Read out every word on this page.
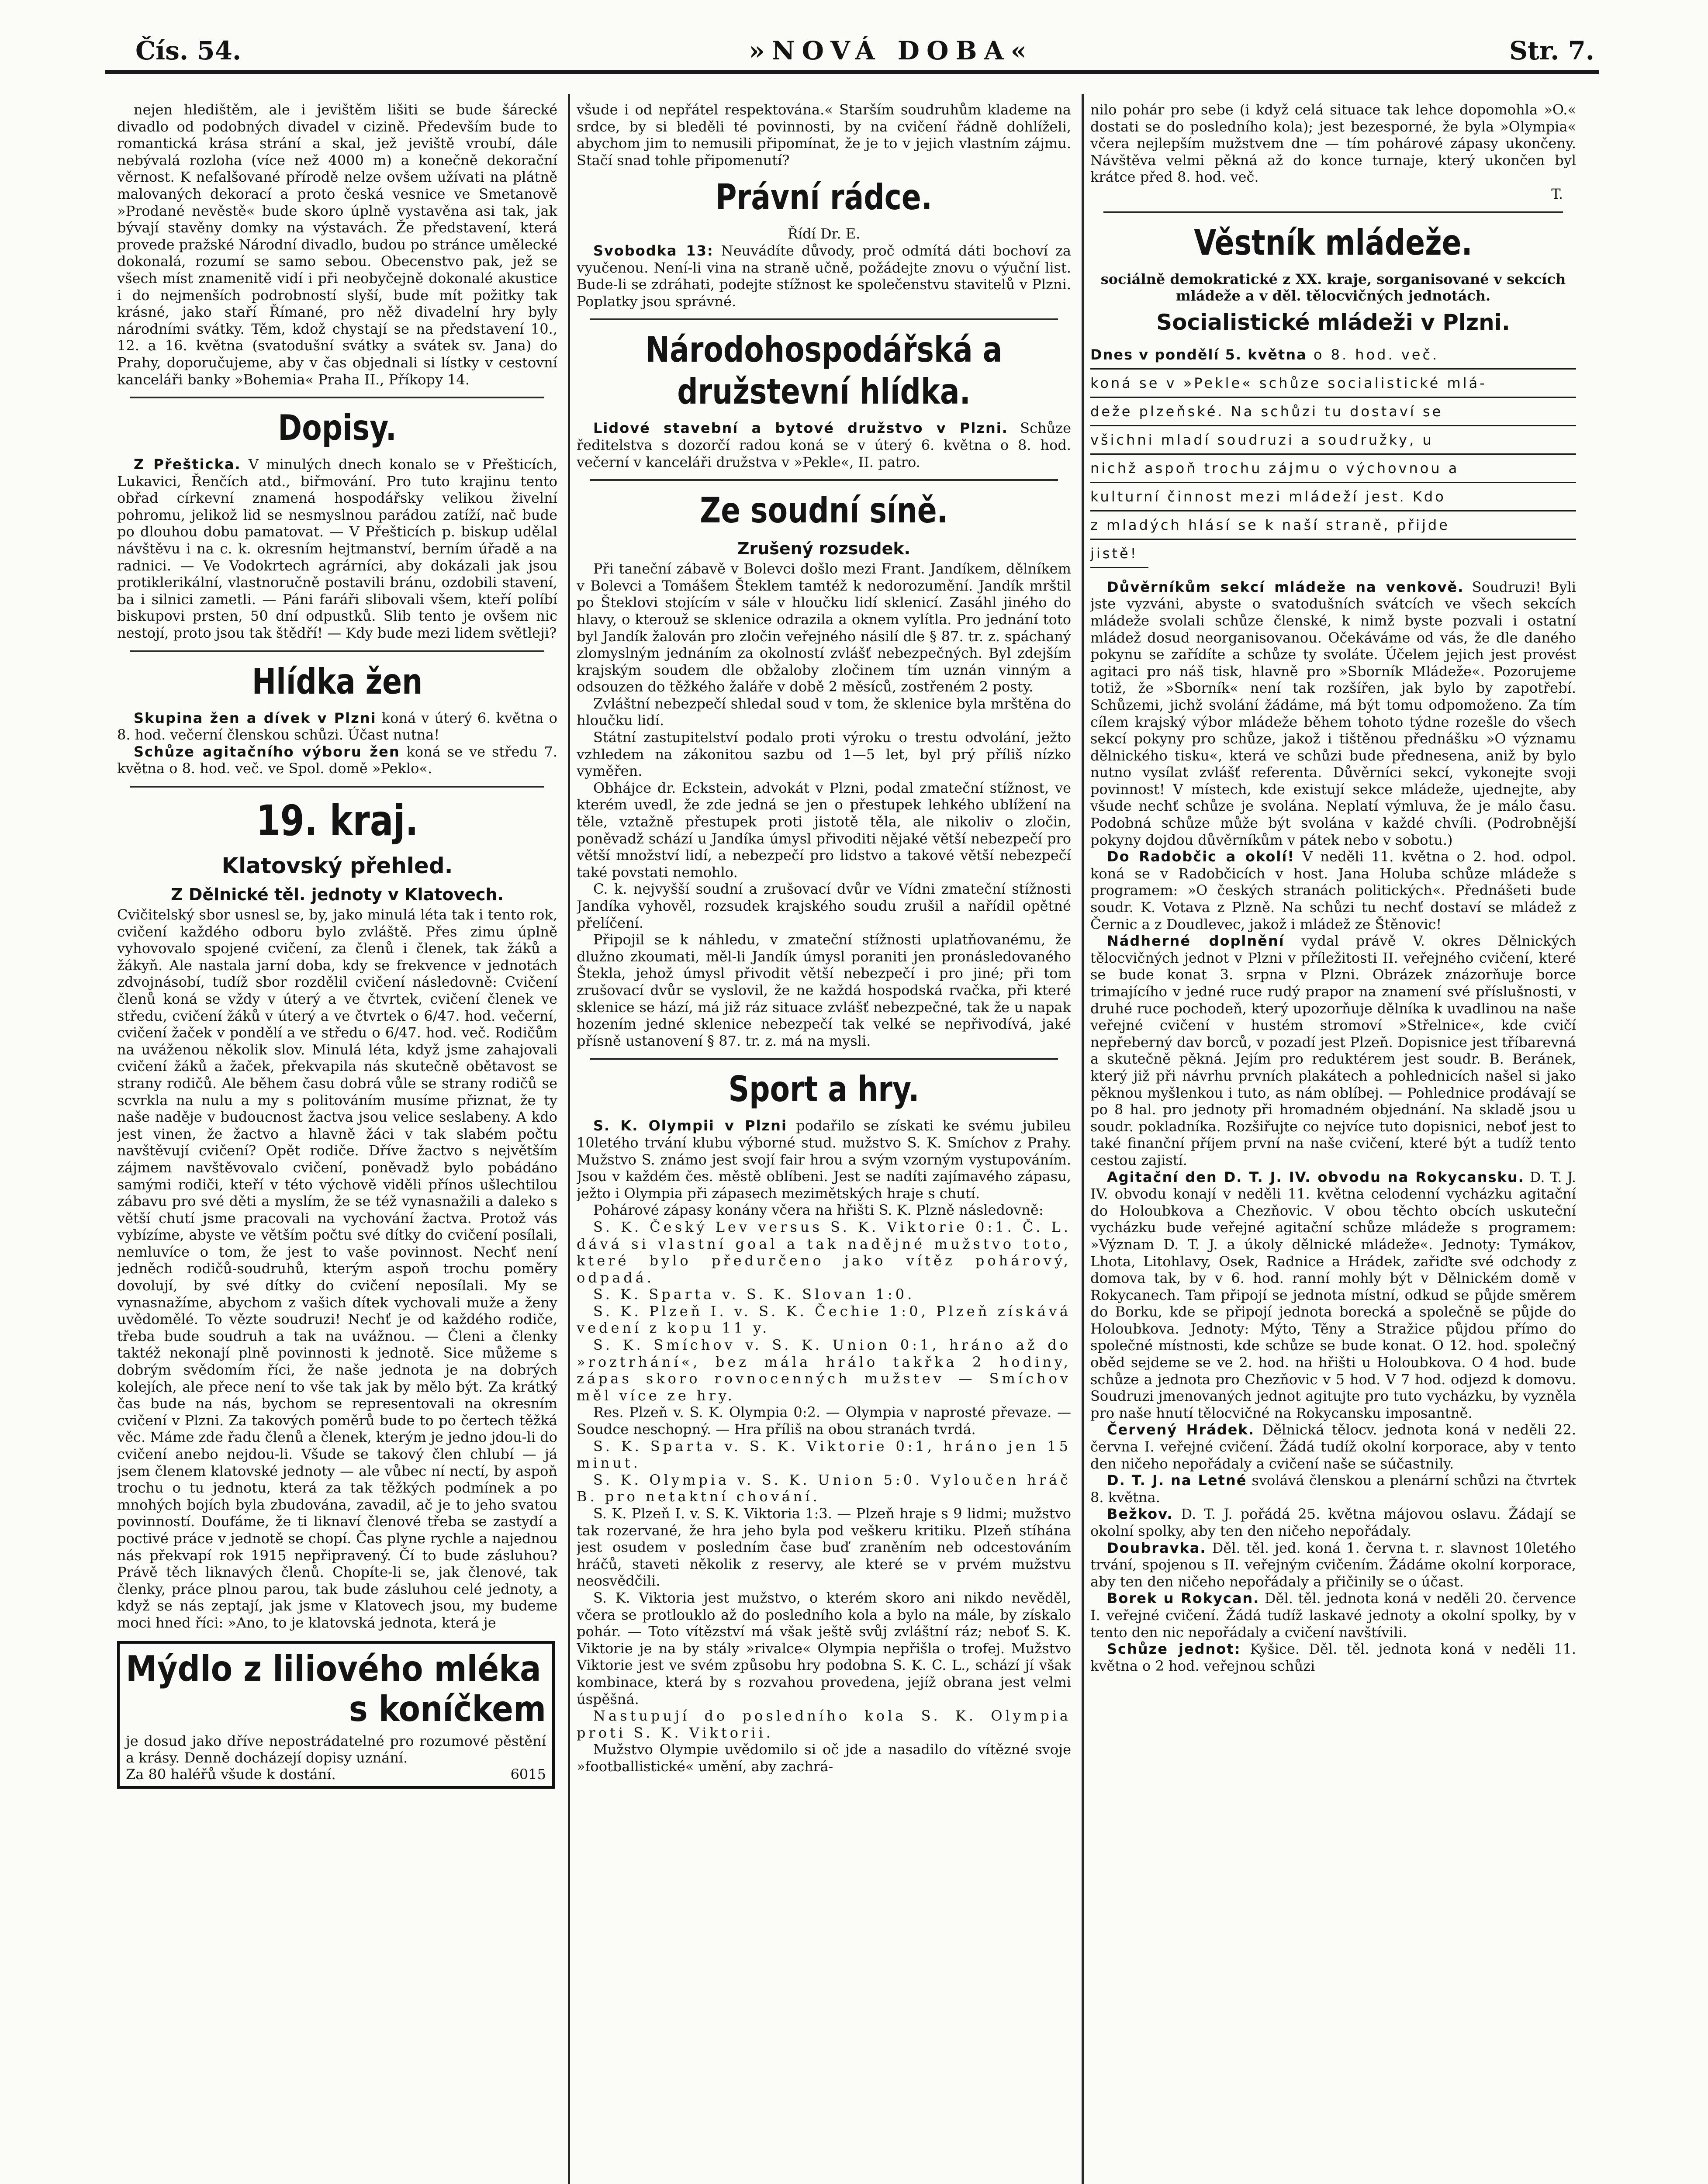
Čís. 54.	»NOVÁ DOBA«	Str. 7.

nejen hledištěm, ale i jevištěm lišiti se bude šárecké divadlo od podobných divadel v cizině. Především bude to romantická krása strání a skal, jež jeviště vroubí, dále nebývalá rozloha (více než 4000 m) a konečně dekorační věrnost. K nefalšované přírodě nelze ovšem užívati na plátně malovaných dekorací a proto česká vesnice ve Smetanově »Prodané nevěstě« bude skoro úplně vystavěna asi tak, jak bývají stavěny domky na výstavách. Že představení, která provede pražské Národní divadlo, budou po stránce umělecké dokonalá, rozumí se samo sebou. Obecenstvo pak, jež se všech míst znamenitě vidí i při neobyčejně dokonalé akustice i do nejmenších podrobností slyší, bude mít požitky tak krásné, jako staří Římané, pro něž divadelní hry byly národními svátky. Těm, kdož chystají se na představení 10., 12. a 16. května (svatodušní svátky a svátek sv. Jana) do Prahy, doporučujeme, aby v čas objednali si lístky v cestovní kanceláři banky »Bohemia« Praha II., Příkopy 14.

Dopisy.

Z Přešticka. V minulých dnech konalo se v Přešticích, Lukavici, Řenčích atd., biřmování. Pro tuto krajinu tento obřad církevní znamená hospodářsky velikou živelní pohromu, jelikož lid se nesmyslnou parádou zatíží, nač bude po dlouhou dobu pamatovat. — V Přešticích p. biskup udělal návštěvu i na c. k. okresním hejtmanství, berním úřadě a na radnici. — Ve Vodokrtech agrárníci, aby dokázali jak jsou protiklerikální, vlastnoručně postavili bránu, ozdobili stavení, ba i silnici zametli. — Páni faráři slibovali všem, kteří políbí biskupovi prsten, 50 dní odpustků. Slib tento je ovšem nic nestojí, proto jsou tak štědří! — Kdy bude mezi lidem světleji?

Hlídka žen

Skupina žen a dívek v Plzni koná v úterý 6. května o 8. hod. večerní členskou schůzi. Účast nutna!

Schůze agitačního výboru žen koná se ve středu 7. května o 8. hod. več. ve Spol. domě »Peklo«.

19. kraj.
Klatovský přehled.
Z Dělnické těl. jednoty v Klatovech.

Cvičitelský sbor usnesl se, by, jako minulá léta tak i tento rok, cvičení každého odboru bylo zvláště. Přes zimu úplně vyhovovalo spojené cvičení, za členů i členek, tak žáků a žákyň. Ale nastala jarní doba, kdy se frekvence v jednotách zdvojnásobí, tudíž sbor rozdělil cvičení následovně: Cvičení členů koná se vždy v úterý a ve čtvrtek, cvičení členek ve středu, cvičení žáků v úterý a ve čtvrtek o 6/47. hod. večerní, cvičení žaček v pondělí a ve středu o 6/47. hod. več. Rodičům na uváženou několik slov. Minulá léta, když jsme zahajovali cvičení žáků a žaček, překvapila nás skutečně obětavost se strany rodičů. Ale během času dobrá vůle se strany rodičů se scvrkla na nulu a my s politováním musíme přiznat, že ty naše naděje v budoucnost žactva jsou velice seslabeny. A kdo jest vinen, že žactvo a hlavně žáci v tak slabém počtu navštěvují cvičení? Opět rodiče. Dříve žactvo s největším zájmem navštěvovalo cvičení, poněvadž bylo pobádáno samými rodiči, kteří v této výchově viděli přínos ušlechtilou zábavu pro své děti a myslím, že se též vynasnažili a daleko s větší chutí jsme pracovali na vychování žactva. Protož vás vybízíme, abyste ve větším počtu své dítky do cvičení posílali, nemluvíce o tom, že jest to vaše povinnost. Nechť není jedněch rodičů-soudruhů, kterým aspoň trochu poměry dovolují, by své dítky do cvičení neposílali. My se vynasnažíme, abychom z vašich dítek vychovali muže a ženy uvědomělé. To vězte soudruzi! Nechť je od každého rodiče, třeba bude soudruh a tak na uvážnou. — Členi a členky taktéž nekonají plně povinnosti k jednotě. Sice můžeme s dobrým svědomím říci, že naše jednota je na dobrých kolejích, ale přece není to vše tak jak by mělo být. Za krátký čas bude na nás, bychom se representovali na okresním cvičení v Plzni. Za takových poměrů bude to po čertech těžká věc. Máme zde řadu členů a členek, kterým je jedno jdou-li do cvičení anebo nejdou-li. Všude se takový člen chlubí — já jsem členem klatovské jednoty — ale vůbec ní nectí, by aspoň trochu o tu jednotu, která za tak těžkých podmínek a po mnohých bojích byla zbudována, zavadil, ač je to jeho svatou povinností. Doufáme, že ti liknaví členové třeba se zastydí a poctivé práce v jednotě se chopí. Čas plyne rychle a najednou nás překvapí rok 1915 nepřipravený. Čí to bude zásluhou? Právě těch liknavých členů. Chopíte-li se, jak členové, tak členky, práce plnou parou, tak bude zásluhou celé jednoty, a když se nás zeptají, jak jsme v Klatovech jsou, my budeme moci hned říci: »Ano, to je klatovská jednota, která je

Mýdlo z liliového mléka
s koníčkem
je dosud jako dříve nepostrádatelné pro rozumové pěstění a krásy. Denně docházejí dopisy uznání.
Za 80 haléřů všude k dostání.	6015

všude i od nepřátel respektována.« Starším soudruhům klademe na srdce, by si bleděli té povinnosti, by na cvičení řádně dohlíželi, abychom jim to nemusili připomínat, že je to v jejich vlastním zájmu. Stačí snad tohle připomenutí?

Právní rádce.
Řídí Dr. E.

Svobodka 13: Neuvádíte důvody, proč odmítá dáti bochoví za vyučenou. Není-li vina na straně učně, požádejte znovu o výuční list. Bude-li se zdráhati, podejte stížnost ke společenstvu stavitelů v Plzni. Poplatky jsou správné.

Národohospodářská a družstevní hlídka.

Lidové stavební a bytové družstvo v Plzni. Schůze ředitelstva s dozorčí radou koná se v úterý 6. května o 8. hod. večerní v kanceláři družstva v »Pekle«, II. patro.

Ze soudní síně.
Zrušený rozsudek.

Při taneční zábavě v Bolevci došlo mezi Frant. Jandíkem, dělníkem v Bolevci a Tomášem Šteklem tamtéž k nedorozumění. Jandík mrštil po Šteklovi stojícím v sále v hloučku lidí sklenicí. Zasáhl jiného do hlavy, o kterouž se sklenice odrazila a oknem vylítla. Pro jednání toto byl Jandík žalován pro zločin veřejného násilí dle § 87. tr. z. spáchaný zlomyslným jednáním za okolností zvlášť nebezpečných. Byl zdejším krajským soudem dle obžaloby zločinem tím uznán vinným a odsouzen do těžkého žaláře v době 2 měsíců, zostřeném 2 posty.

Zvláštní nebezpečí shledal soud v tom, že sklenice byla mrštěna do hloučku lidí.

Státní zastupitelství podalo proti výroku o trestu odvolání, ježto vzhledem na zákonitou sazbu od 1—5 let, byl prý příliš nízko vyměřen.

Obhájce dr. Eckstein, advokát v Plzni, podal zmateční stížnost, ve kterém uvedl, že zde jedná se jen o přestupek lehkého ublížení na těle, vztažně přestupek proti jistotě těla, ale nikoliv o zločin, poněvadž schází u Jandíka úmysl přivoditi nějaké větší nebezpečí pro větší množství lidí, a nebezpečí pro lidstvo a takové větší nebezpečí také povstati nemohlo.

C. k. nejvyšší soudní a zrušovací dvůr ve Vídni zmateční stížnosti Jandíka vyhověl, rozsudek krajského soudu zrušil a nařídil opětné přelíčení.

Připojil se k náhledu, v zmateční stížnosti uplatňovanému, že dlužno zkoumati, měl-li Jandík úmysl poraniti jen pronásledovaného Štekla, jehož úmysl přivodit větší nebezpečí i pro jiné; při tom zrušovací dvůr se vyslovil, že ne každá hospodská rvačka, při které sklenice se hází, má již ráz situace zvlášť nebezpečné, tak že u napak hozením jedné sklenice nebezpečí tak velké se nepřivodívá, jaké přísně ustanovení § 87. tr. z. má na mysli.

Sport a hry.

S. K. Olympii v Plzni podařilo se získati ke svému jubileu 10letého trvání klubu výborné stud. mužstvo S. K. Smíchov z Prahy. Mužstvo S. známo jest svojí fair hrou a svým vzorným vystupováním. Jsou v každém čes. městě oblíbeni. Jest se nadíti zajímavého zápasu, ježto i Olympia při zápasech mezimětských hraje s chutí.

Pohárové zápasy konány včera na hřišti S. K. Plzně následovně:

S. K. Český Lev versus S. K. Viktorie 0:1. Č. L. dává si vlastní goal a tak nadějné mužstvo toto, které bylo předurčeno jako vítěz pohárový, odpadá.

S. K. Sparta v. S. K. Slovan 1:0.

S. K. Plzeň I. v. S. K. Čechie 1:0, Plzeň získává vedení z kopu 11 y.

S. K. Smíchov v. S. K. Union 0:1, hráno až do »roztrhání«, bez mála hrálo takřka 2 hodiny, zápas skoro rovnocenných mužstev — Smíchov měl více ze hry.

Res. Plzeň v. S. K. Olympia 0:2. — Olympia v naprosté převaze. — Soudce neschopný. — Hra příliš na obou stranách tvrdá.

S. K. Sparta v. S. K. Viktorie 0:1, hráno jen 15 minut.

S. K. Olympia v. S. K. Union 5:0. Vyloučen hráč B. pro netaktní chování.

S. K. Plzeň I. v. S. K. Viktoria 1:3. — Plzeň hraje s 9 lidmi; mužstvo tak rozervané, že hra jeho byla pod veškeru kritiku. Plzeň stíhána jest osudem v posledním čase buď zraněním neb odcestováním hráčů, staveti několik z reservy, ale které se v prvém mužstvu neosvědčili.

S. K. Viktoria jest mužstvo, o kterém skoro ani nikdo nevěděl, včera se protlouklo až do posledního kola a bylo na mále, by získalo pohár. — Toto vítězství má však ještě svůj zvláštní ráz; neboť S. K. Viktorie je na by stály »rivalce« Olympia nepřišla o trofej. Mužstvo Viktorie jest ve svém způsobu hry podobna S. K. C. L., schází jí však kombinace, která by s rozvahou provedena, jejíž obrana jest velmi úspěšná.

Nastupují do posledního kola S. K. Olympia proti S. K. Viktorii.

Mužstvo Olympie uvědomilo si oč jde a nasadilo do vítězné svoje »footballistické« umění, aby zachrá-

nilo pohár pro sebe (i když celá situace tak lehce dopomohla »O.« dostati se do posledního kola); jest bezesporné, že byla »Olympia« včera nejlepším mužstvem dne — tím pohárové zápasy ukončeny. Návštěva velmi pěkná až do konce turnaje, který ukončen byl krátce před 8. hod. več.

T.
Věstník mládeže.

sociálně demokratické z XX. kraje, sorganisované v sekcích mládeže a v děl. tělocvičných jednotách.

Socialistické mládeži v Plzni.
Dnes v pondělí 5. května o 8. hod. več.
koná se v »Pekle« schůze socialistické mlá-
deže plzeňské. Na schůzi tu dostaví se
všichni mladí soudruzi a soudružky, u
nichž aspoň trochu zájmu o výchovnou a
kulturní činnost mezi mládeží jest. Kdo
z mladých hlásí se k naší straně, přijde
jistě!

Důvěrníkům sekcí mládeže na venkově. Soudruzi! Byli jste vyzváni, abyste o svatodušních svátcích ve všech sekcích mládeže svolali schůze členské, k nimž byste pozvali i ostatní mládež dosud neorganisovanou. Očekáváme od vás, že dle daného pokynu se zařídíte a schůze ty svoláte. Účelem jejich jest provést agitaci pro náš tisk, hlavně pro »Sborník Mládeže«. Pozorujeme totiž, že »Sborník« není tak rozšířen, jak bylo by zapotřebí. Schůzemi, jichž svolání žádáme, má být tomu odpomoženo. Za tím cílem krajský výbor mládeže během tohoto týdne rozešle do všech sekcí pokyny pro schůze, jakož i tištěnou přednášku »O významu dělnického tisku«, která ve schůzi bude přednesena, aniž by bylo nutno vysílat zvlášť referenta. Důvěrníci sekcí, vykonejte svoji povinnost! V místech, kde existují sekce mládeže, ujednejte, aby všude nechť schůze je svolána. Neplatí výmluva, že je málo času. Podobná schůze může být svolána v každé chvíli. (Podrobnější pokyny dojdou důvěrníkům v pátek nebo v sobotu.)

Do Radobčic a okolí! V neděli 11. května o 2. hod. odpol. koná se v Radobčicích v host. Jana Holuba schůze mládeže s programem: »O českých stranách politických«. Přednášeti bude soudr. K. Votava z Plzně. Na schůzi tu nechť dostaví se mládež z Černic a z Doudlevec, jakož i mládež ze Štěnovic!

Nádherné doplnění vydal právě V. okres Dělnických tělocvičných jednot v Plzni v příležitosti II. veřejného cvičení, které se bude konat 3. srpna v Plzni. Obrázek znázorňuje borce trimajícího v jedné ruce rudý prapor na znamení své příslušnosti, v druhé ruce pochodeň, který upozorňuje dělníka k uvadlinou na naše veřejné cvičení v hustém stromoví »Střelnice«, kde cvičí nepřeberný dav borců, v pozadí jest Plzeň. Dopisnice jest tříbarevná a skutečně pěkná. Jejím pro reduktérem jest soudr. B. Beránek, který již při návrhu prvních plakátech a pohlednicích našel si jako pěknou myšlenkou i tuto, as nám oblíbej. — Pohlednice prodávají se po 8 hal. pro jednoty při hromadném objednání. Na skladě jsou u soudr. pokladníka. Rozšiřujte co nejvíce tuto dopisnici, neboť jest to také finanční příjem první na naše cvičení, které být a tudíž tento cestou zajistí.

Agitační den D. T. J. IV. obvodu na Rokycansku. D. T. J. IV. obvodu konají v neděli 11. května celodenní vycházku agitační do Holoubkova a Chezňovic. V obou těchto obcích uskuteční vycházku bude veřejné agitační schůze mládeže s programem: »Význam D. T. J. a úkoly dělnické mládeže«. Jednoty: Tymákov, Lhota, Litohlavy, Osek, Radnice a Hrádek, zařiďte své odchody z domova tak, by v 6. hod. ranní mohly být v Dělnickém domě v Rokycanech. Tam připojí se jednota místní, odkud se půjde směrem do Borku, kde se připojí jednota borecká a společně se půjde do Holoubkova. Jednoty: Mýto, Těny a Stražice půjdou přímo do společné místnosti, kde schůze se bude konat. O 12. hod. společný oběd sejdeme se ve 2. hod. na hřišti u Holoubkova. O 4 hod. bude schůze a jednota pro Chezňovic v 5 hod. V 7 hod. odjezd k domovu. Soudruzi jmenovaných jednot agitujte pro tuto vycházku, by vyzněla pro naše hnutí tělocvičné na Rokycansku imposantně.

Červený Hrádek. Dělnická tělocv. jednota koná v neděli 22. června I. veřejné cvičení. Žádá tudíž okolní korporace, aby v tento den ničeho nepořádaly a cvičení naše se súčastnily.

D. T. J. na Letné svolává členskou a plenární schůzi na čtvrtek 8. května.

Bežkov. D. T. J. pořádá 25. května májovou oslavu. Žádají se okolní spolky, aby ten den ničeho nepořádaly.

Doubravka. Děl. těl. jed. koná 1. června t. r. slavnost 10letého trvání, spojenou s II. veřejným cvičením. Žádáme okolní korporace, aby ten den ničeho nepořádaly a přičinily se o účast.

Borek u Rokycan. Děl. těl. jednota koná v neděli 20. července I. veřejné cvičení. Žádá tudíž laskavé jednoty a okolní spolky, by v tento den nic nepořádaly a cvičení navštívili.

Schůze jednot: Kyšice. Děl. těl. jednota koná v neděli 11. května o 2 hod. veřejnou schůzi
